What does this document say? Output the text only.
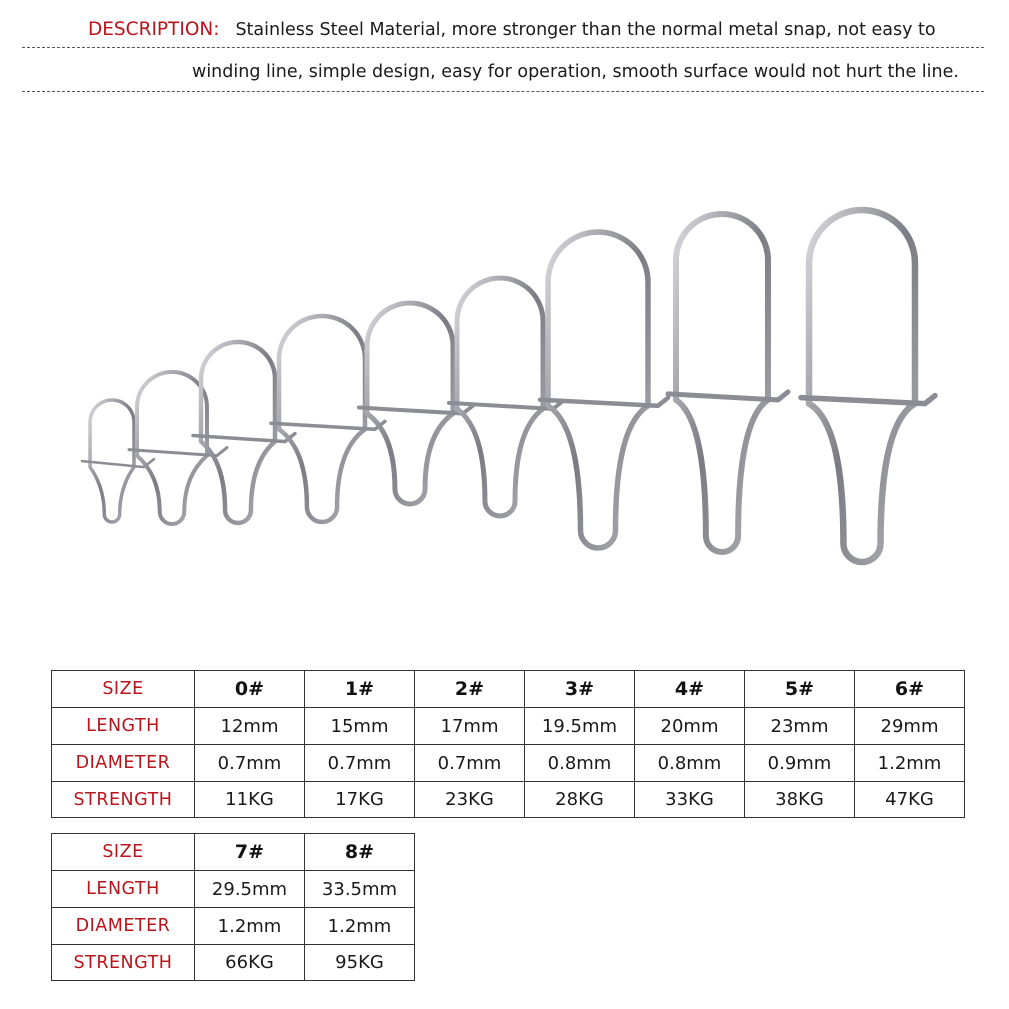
DESCRIPTION: Stainless Steel Material, more stronger than the normal metal snap, not easy to
winding line, simple design, easy for operation, smooth surface would not hurt the line.
SIZE	0#	1#	2#	3#	4#	5#	6#
LENGTH	12mm	15mm	17mm	19.5mm	20mm	23mm	29mm
DIAMETER	0.7mm	0.7mm	0.7mm	0.8mm	0.8mm	0.9mm	1.2mm
STRENGTH	11KG	17KG	23KG	28KG	33KG	38KG	47KG
SIZE	7#	8#
LENGTH	29.5mm	33.5mm
DIAMETER	1.2mm	1.2mm
STRENGTH	66KG	95KG
